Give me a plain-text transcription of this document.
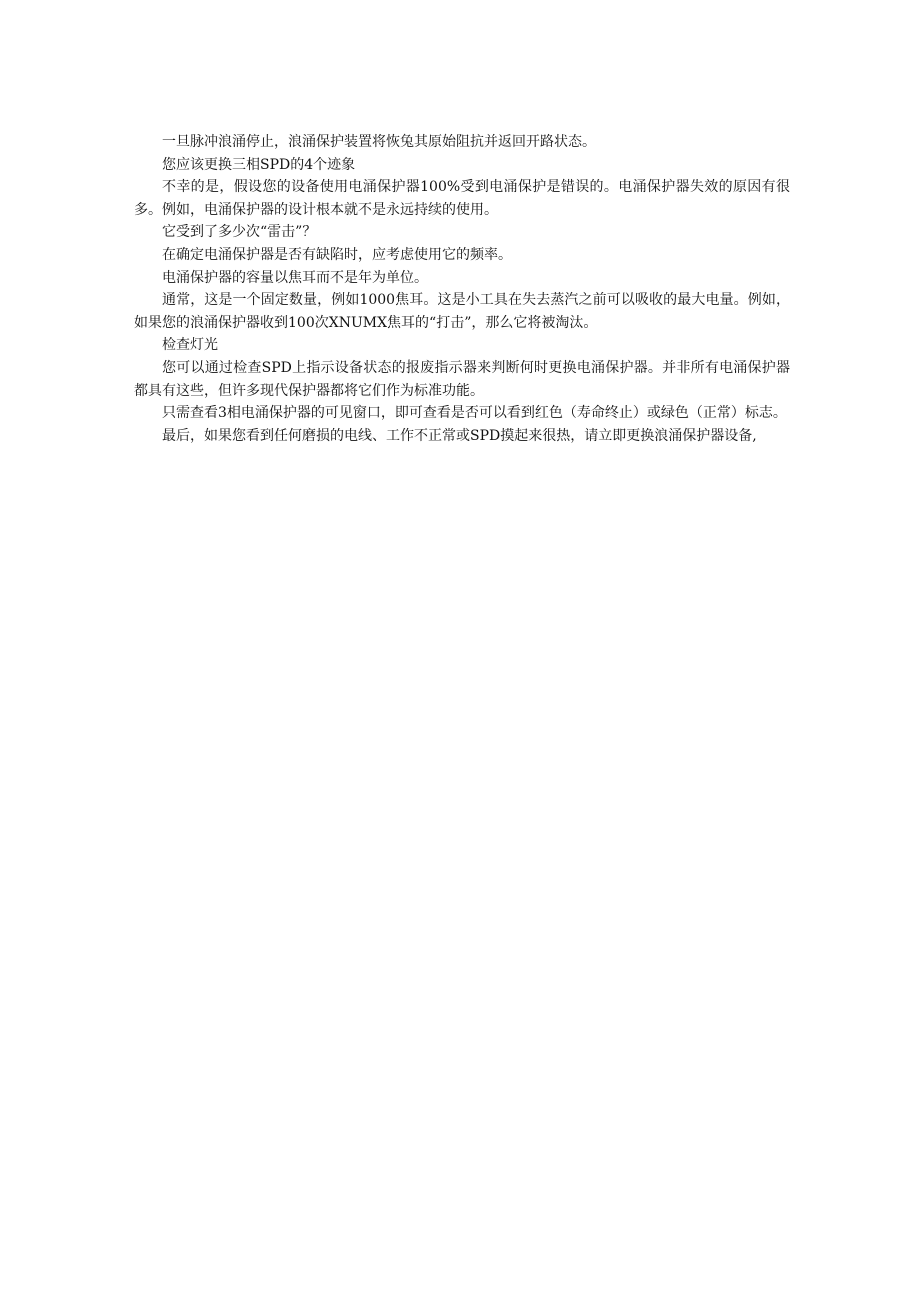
一旦脉冲浪涌停止，浪涌保护装置将恢兔其原始阻抗并返回开路状态。

您应该更换三相SPD的4个迹象

不幸的是，假设您的设备使用电涌保护器100%受到电涌保护是错误的。电涌保护器失效的原因有很多。例如，电涌保护器的设计根本就不是永远持续的使用。

它受到了多少次“雷击”？

在确定电涌保护器是否有缺陷时，应考虑使用它的频率。

电涌保护器的容量以焦耳而不是年为单位。

通常，这是一个固定数量，例如1000焦耳。这是小工具在失去蒸汽之前可以吸收的最大电量。例如，如果您的浪涌保护器收到100次XNUMX焦耳的“打击”，那么它将被淘汰。

检查灯光

您可以通过检查SPD上指示设备状态的报废指示器来判断何时更换电涌保护器。并非所有电涌保护器都具有这些，但许多现代保护器都将它们作为标准功能。

只需查看3相电涌保护器的可见窗口，即可查看是否可以看到红色（寿命终止）或绿色（正常）标志。

最后，如果您看到任何磨损的电线、工作不正常或SPD摸起来很热，请立即更换浪涌保护器设备,
